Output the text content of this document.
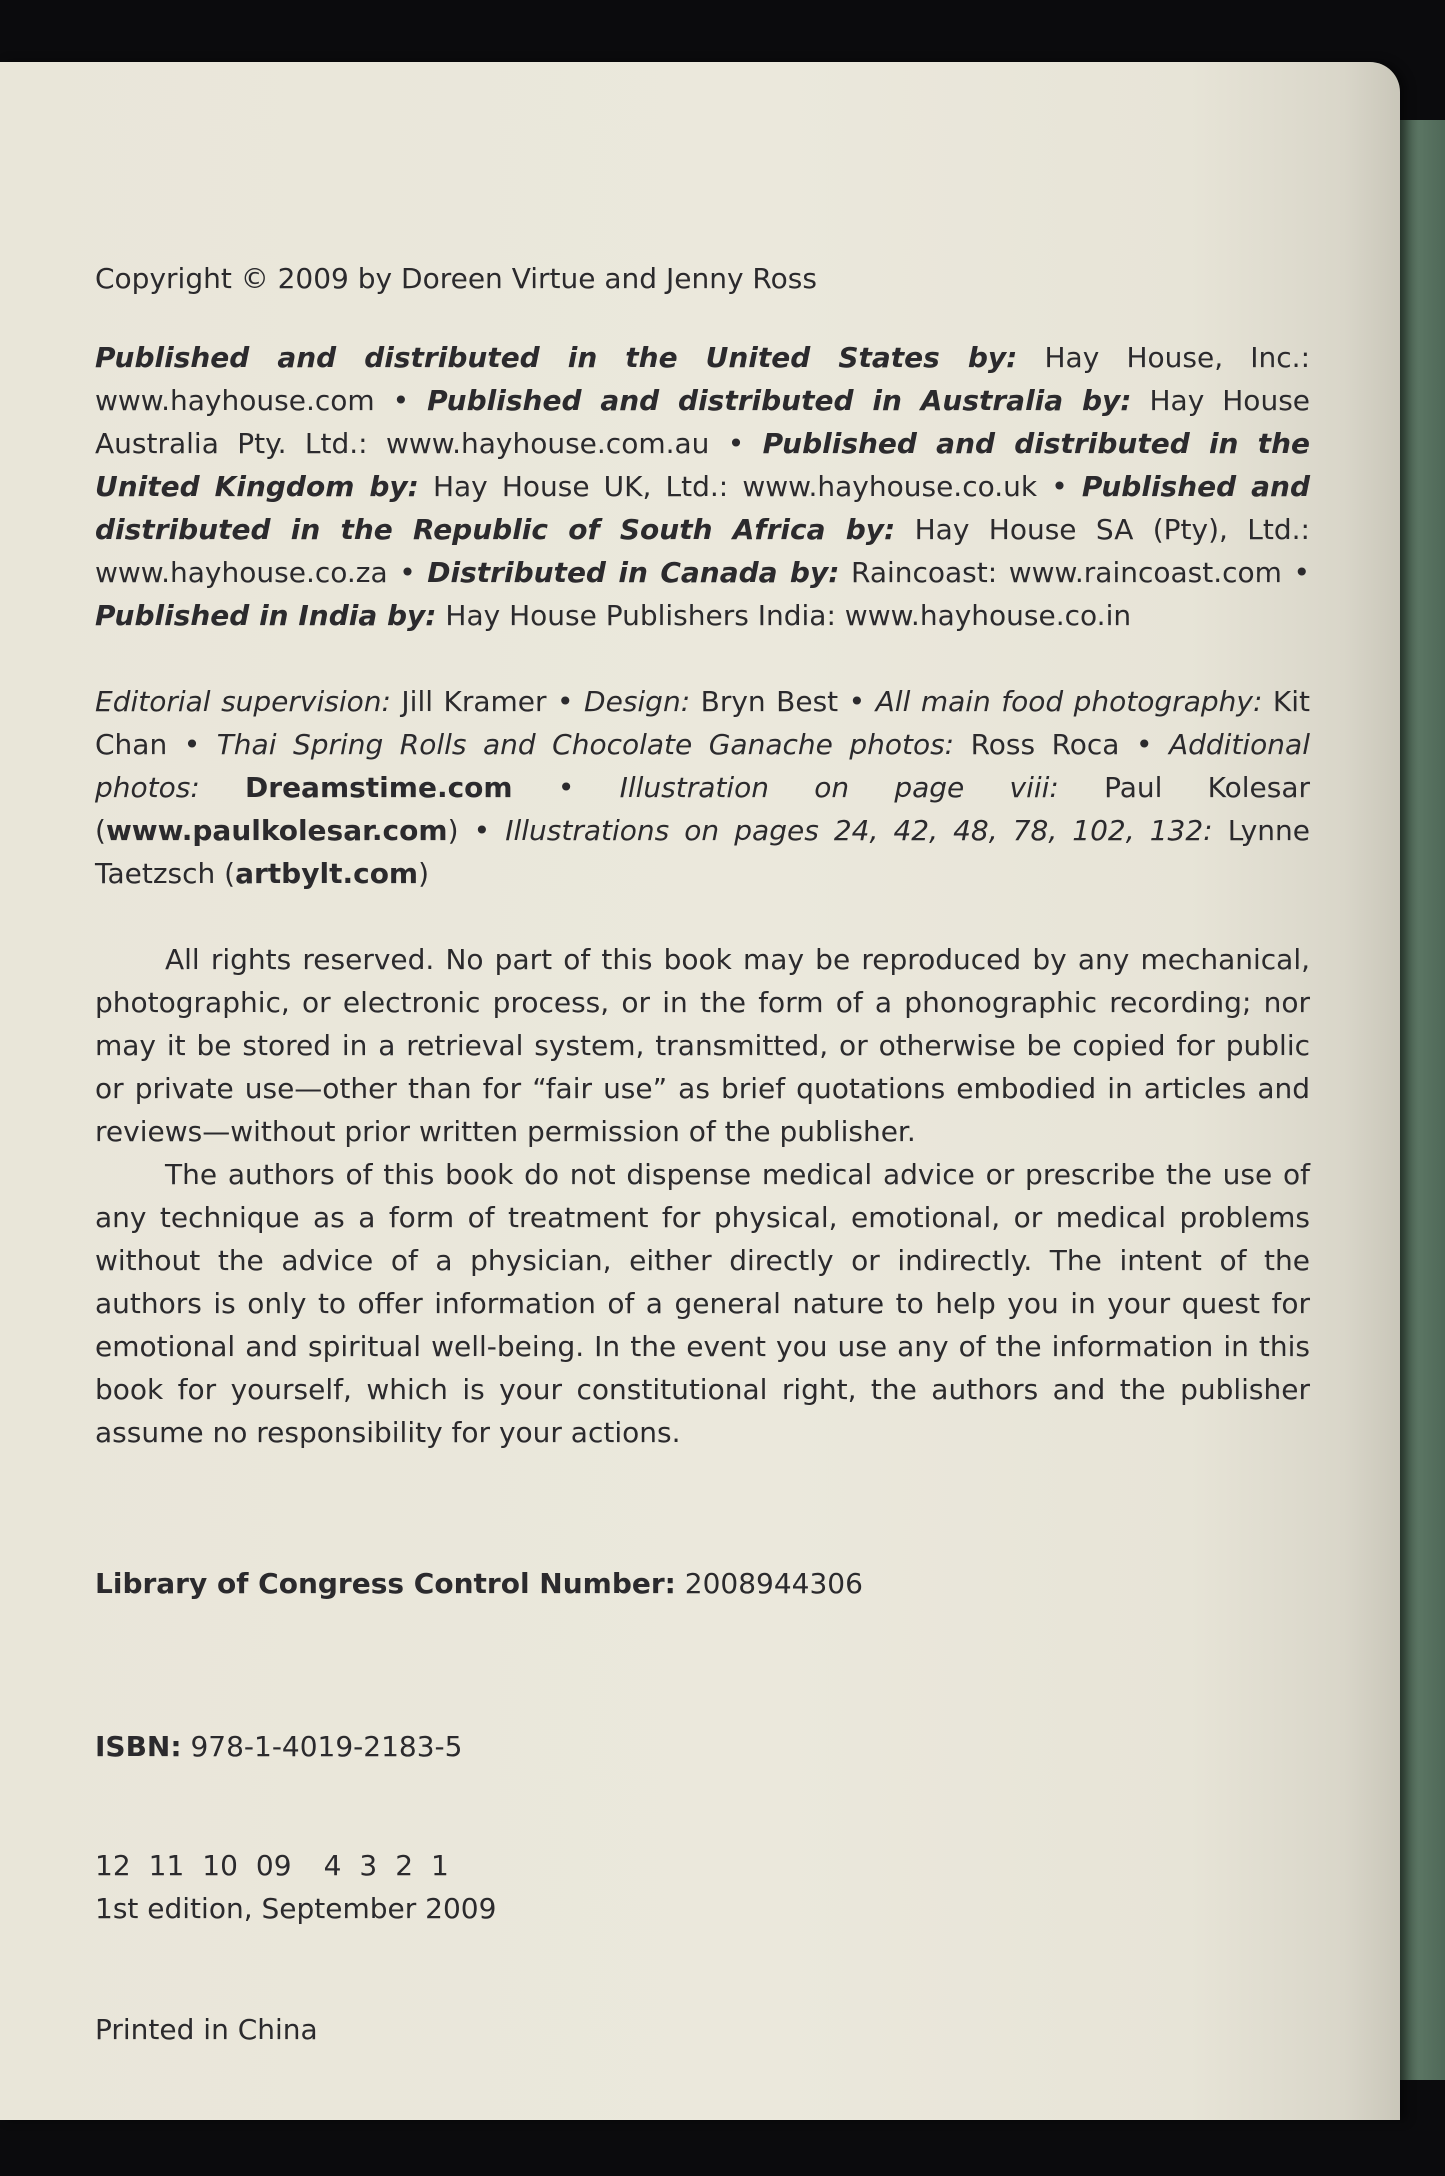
Copyright © 2009 by Doreen Virtue and Jenny Ross

Published and distributed in the United States by: Hay House, Inc.: www.hayhouse.com • Published and distributed in Australia by: Hay House Australia Pty. Ltd.: www.hayhouse.com.au • Published and distributed in the United Kingdom by: Hay House UK, Ltd.: www.hayhouse.co.uk • Published and distributed in the Republic of South Africa by: Hay House SA (Pty), Ltd.: www.hayhouse.co.za • Distributed in Canada by: Raincoast: www.raincoast.com • Published in India by: Hay House Publishers India: www.hayhouse.co.in

Editorial supervision: Jill Kramer • Design: Bryn Best • All main food photography: Kit Chan • Thai Spring Rolls and Chocolate Ganache photos: Ross Roca • Additional photos: Dreamstime.com • Illustration on page viii: Paul Kolesar (www.paulkolesar.com) • Illustrations on pages 24, 42, 48, 78, 102, 132: Lynne Taetzsch (artbylt.com)

All rights reserved. No part of this book may be reproduced by any mechanical, photographic, or electronic process, or in the form of a phonographic recording; nor may it be stored in a retrieval system, transmitted, or otherwise be copied for public or private use—other than for “fair use” as brief quotations embodied in articles and reviews—without prior written permission of the publisher.

The authors of this book do not dispense medical advice or prescribe the use of any technique as a form of treatment for physical, emotional, or medical problems without the advice of a physician, either directly or indirectly. The intent of the authors is only to offer information of a general nature to help you in your quest for emotional and spiritual well-being. In the event you use any of the information in this book for yourself, which is your constitutional right, the authors and the publisher assume no responsibility for your actions.

Library of Congress Control Number: 2008944306

ISBN: 978-1-4019-2183-5

12 11 10 09 4 3 2 1

1st edition, September 2009

Printed in China
